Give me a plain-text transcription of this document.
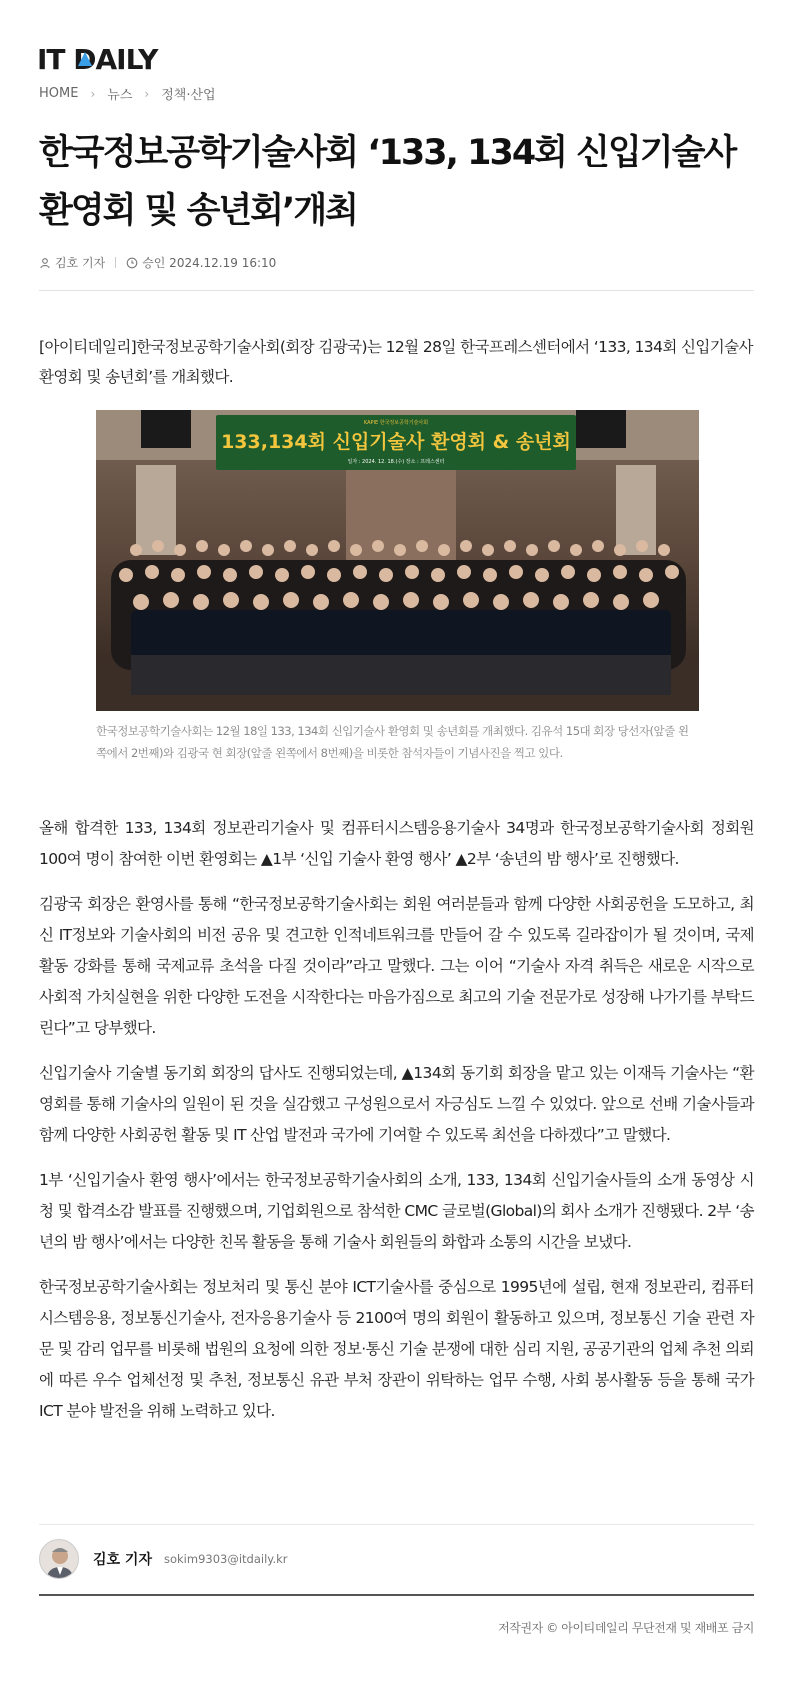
IT DAILY
HOME › 뉴스 › 정책·산업
한국정보공학기술사회 ‘133, 134회 신입기술사 환영회 및 송년회’개최
김호 기자	승인 2024.12.19 16:10

[아이티데일리]한국정보공학기술사회(회장 김광국)는 12월 28일 한국프레스센터에서 ‘133, 134회 신입기술사 환영회 및 송년회’를 개최했다.

KAPIE 한국정보공학기술사회
133,134회 신입기술사 환영회 & 송년회
일자 : 2024. 12. 18.(수) 장소 : 프레스센터

한국정보공학기술사회는 12월 18일 133, 134회 신입기술사 환영회 및 송년회를 개최했다. 김유석 15대 회장 당선자(앞줄 왼쪽에서 2번째)와 김광국 현 회장(앞줄 왼쪽에서 8번째)을 비롯한 참석자들이 기념사진을 찍고 있다.

올해 합격한 133, 134회 정보관리기술사 및 컴퓨터시스템응용기술사 34명과 한국정보공학기술사회 정회원 100여 명이 참여한 이번 환영회는 ▲1부 ‘신입 기술사 환영 행사’ ▲2부 ‘송년의 밤 행사’로 진행했다.

김광국 회장은 환영사를 통해 “한국정보공학기술사회는 회원 여러분들과 함께 다양한 사회공헌을 도모하고, 최신 IT정보와 기술사회의 비전 공유 및 견고한 인적네트워크를 만들어 갈 수 있도록 길라잡이가 될 것이며, 국제 활동 강화를 통해 국제교류 초석을 다질 것이라”라고 말했다. 그는 이어 “기술사 자격 취득은 새로운 시작으로 사회적 가치실현을 위한 다양한 도전을 시작한다는 마음가짐으로 최고의 기술 전문가로 성장해 나가기를 부탁드린다”고 당부했다.

신입기술사 기술별 동기회 회장의 답사도 진행되었는데, ▲134회 동기회 회장을 맡고 있는 이재득 기술사는 “환영회를 통해 기술사의 일원이 된 것을 실감했고 구성원으로서 자긍심도 느낄 수 있었다. 앞으로 선배 기술사들과 함께 다양한 사회공헌 활동 및 IT 산업 발전과 국가에 기여할 수 있도록 최선을 다하겠다”고 말했다.

1부 ‘신입기술사 환영 행사’에서는 한국정보공학기술사회의 소개, 133, 134회 신입기술사들의 소개 동영상 시청 및 합격소감 발표를 진행했으며, 기업회원으로 참석한 CMC 글로벌(Global)의 회사 소개가 진행됐다. 2부 ‘송년의 밤 행사’에서는 다양한 친목 활동을 통해 기술사 회원들의 화합과 소통의 시간을 보냈다.

한국정보공학기술사회는 정보처리 및 통신 분야 ICT기술사를 중심으로 1995년에 설립, 현재 정보관리, 컴퓨터시스템응용, 정보통신기술사, 전자응용기술사 등 2100여 명의 회원이 활동하고 있으며, 정보통신 기술 관련 자문 및 감리 업무를 비롯해 법원의 요청에 의한 정보·통신 기술 분쟁에 대한 심리 지원, 공공기관의 업체 추천 의뢰에 따른 우수 업체선정 및 추천, 정보통신 유관 부처 장관이 위탁하는 업무 수행, 사회 봉사활동 등을 통해 국가 ICT 분야 발전을 위해 노력하고 있다.

김호 기자 sokim9303@itdaily.kr
저작권자 © 아이티데일리 무단전재 및 재배포 금지
